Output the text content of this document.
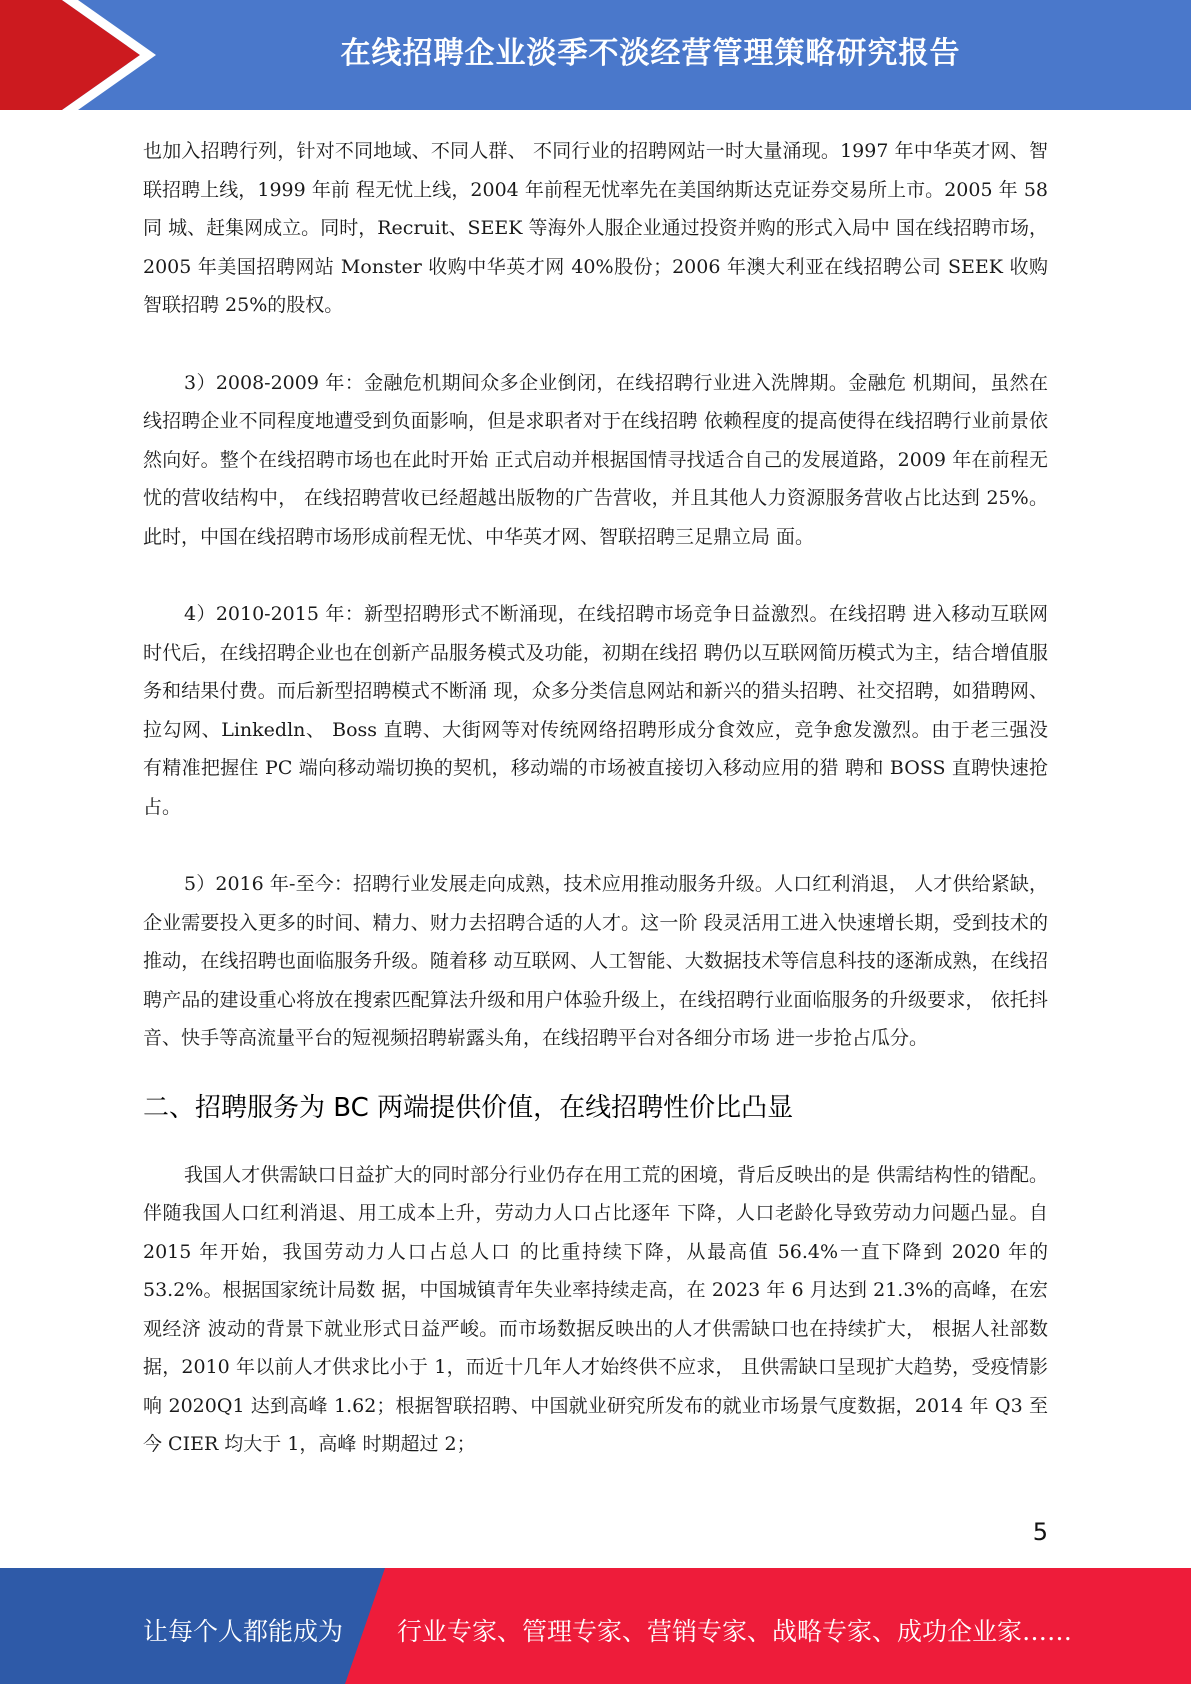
在线招聘企业淡季不淡经营管理策略研究报告

也加入招聘行列，针对不同地域、不同人群、 不同行业的招聘网站一时大量涌现。1997 年中华英才网、智联招聘上线，1999 年前 程无忧上线，2004 年前程无忧率先在美国纳斯达克证券交易所上市。2005 年 58 同 城、赶集网成立。同时，Recruit、SEEK 等海外人服企业通过投资并购的形式入局中 国在线招聘市场，2005 年美国招聘网站 Monster 收购中华英才网 40%股份；2006 年澳大利亚在线招聘公司 SEEK 收购智联招聘 25%的股权。

3）2008-2009 年：金融危机期间众多企业倒闭，在线招聘行业进入洗牌期。金融危 机期间，虽然在线招聘企业不同程度地遭受到负面影响，但是求职者对于在线招聘 依赖程度的提高使得在线招聘行业前景依然向好。整个在线招聘市场也在此时开始 正式启动并根据国情寻找适合自己的发展道路，2009 年在前程无忧的营收结构中， 在线招聘营收已经超越出版物的广告营收，并且其他人力资源服务营收占比达到 25%。此时，中国在线招聘市场形成前程无忧、中华英才网、智联招聘三足鼎立局 面。

4）2010-2015 年：新型招聘形式不断涌现，在线招聘市场竞争日益激烈。在线招聘 进入移动互联网时代后，在线招聘企业也在创新产品服务模式及功能，初期在线招 聘仍以互联网简历模式为主，结合增值服务和结果付费。而后新型招聘模式不断涌 现，众多分类信息网站和新兴的猎头招聘、社交招聘，如猎聘网、拉勾网、Linkedln、 Boss 直聘、大街网等对传统网络招聘形成分食效应，竞争愈发激烈。由于老三强没 有精准把握住 PC 端向移动端切换的契机，移动端的市场被直接切入移动应用的猎 聘和 BOSS 直聘快速抢占。

5）2016 年-至今：招聘行业发展走向成熟，技术应用推动服务升级。人口红利消退， 人才供给紧缺，企业需要投入更多的时间、精力、财力去招聘合适的人才。这一阶 段灵活用工进入快速增长期，受到技术的推动，在线招聘也面临服务升级。随着移 动互联网、人工智能、大数据技术等信息科技的逐渐成熟，在线招聘产品的建设重心将放在搜索匹配算法升级和用户体验升级上，在线招聘行业面临服务的升级要求， 依托抖音、快手等高流量平台的短视频招聘崭露头角，在线招聘平台对各细分市场 进一步抢占瓜分。

二、招聘服务为 BC 两端提供价值，在线招聘性价比凸显

我国人才供需缺口日益扩大的同时部分行业仍存在用工荒的困境，背后反映出的是 供需结构性的错配。伴随我国人口红利消退、用工成本上升，劳动力人口占比逐年 下降，人口老龄化导致劳动力问题凸显。自 2015 年开始，我国劳动力人口占总人口 的比重持续下降，从最高值 56.4%一直下降到 2020 年的 53.2%。根据国家统计局数 据，中国城镇青年失业率持续走高，在 2023 年 6 月达到 21.3%的高峰，在宏观经济 波动的背景下就业形式日益严峻。而市场数据反映出的人才供需缺口也在持续扩大， 根据人社部数据，2010 年以前人才供求比小于 1，而近十几年人才始终供不应求， 且供需缺口呈现扩大趋势，受疫情影响 2020Q1 达到高峰 1.62；根据智联招聘、中国就业研究所发布的就业市场景气度数据，2014 年 Q3 至今 CIER 均大于 1，高峰 时期超过 2；

5
让每个人都能成为 行业专家、管理专家、营销专家、战略专家、成功企业家……
